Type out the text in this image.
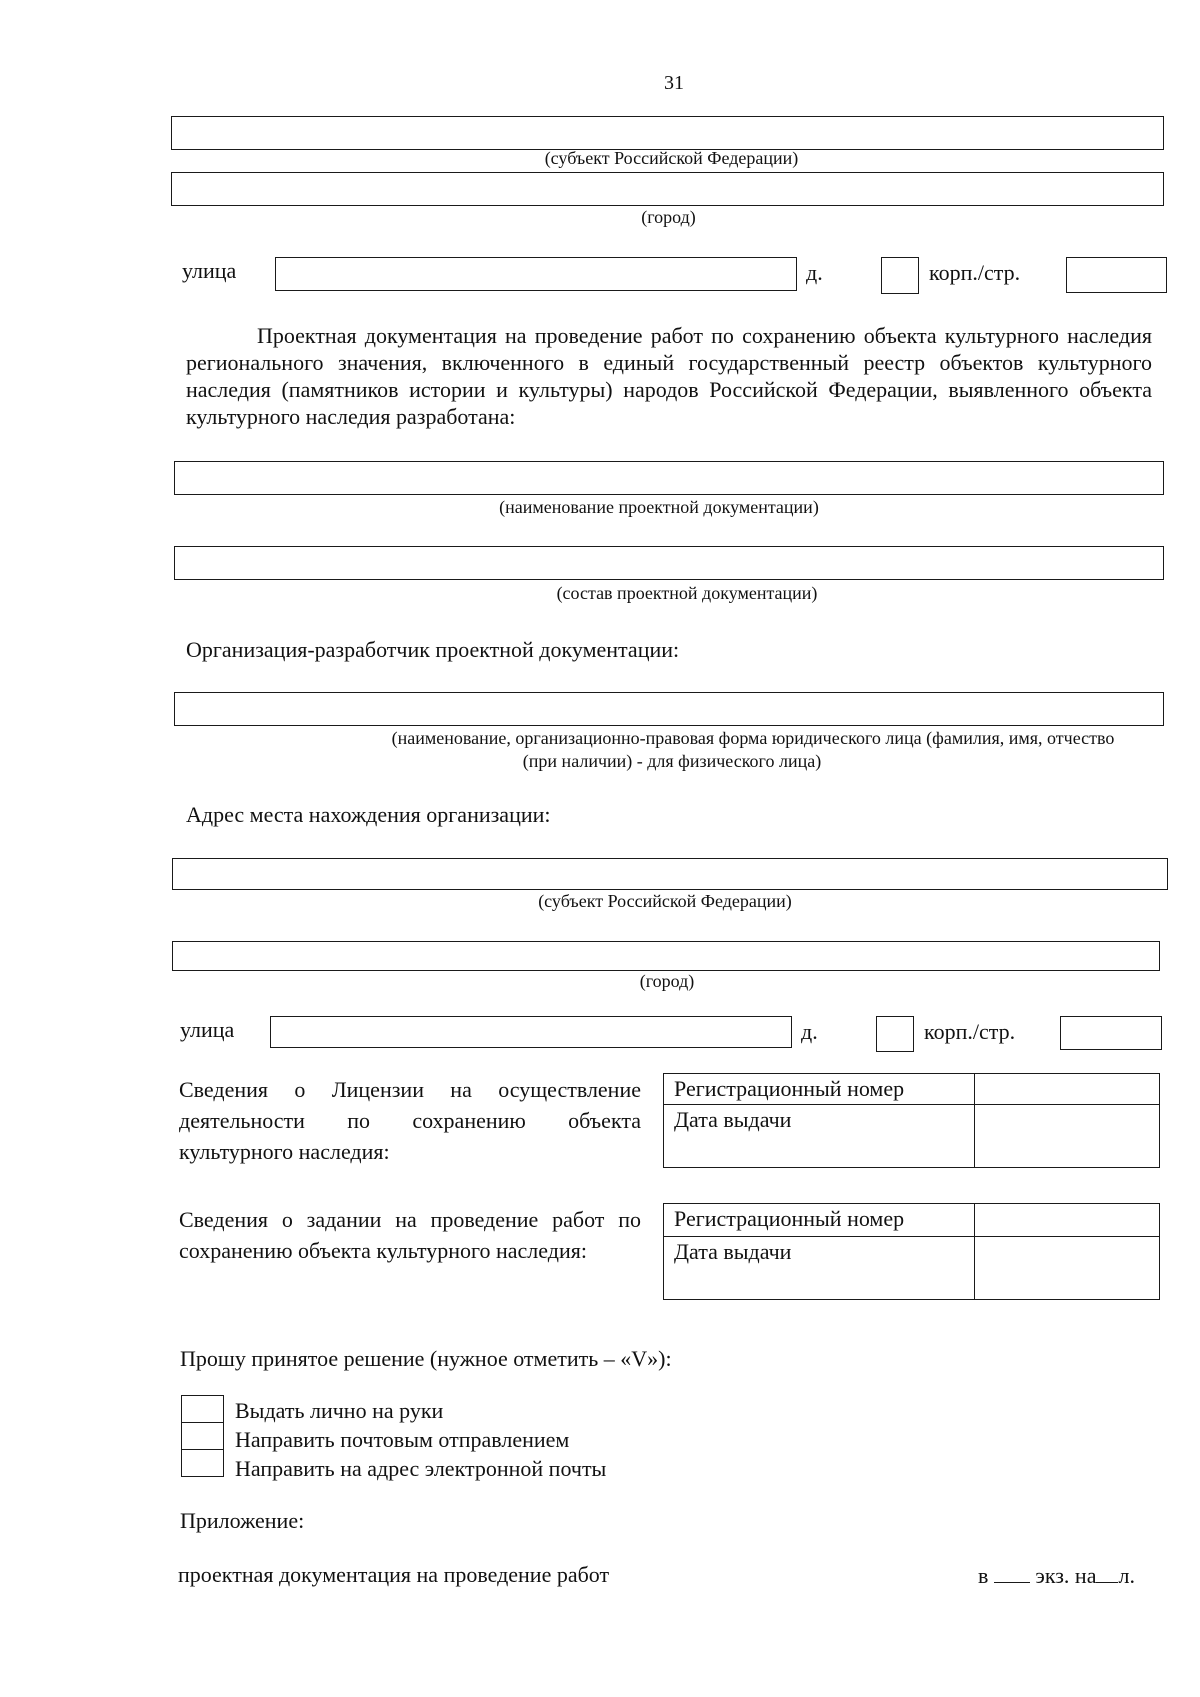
31
(субъект Российской Федерации)
(город)
улица	д.	корп./стр.
Проектная документация на проведение работ по сохранению объекта культурного наследия регионального значения, включенного в единый государственный реестр объектов культурного наследия (памятников истории и культуры) народов Российской Федерации, выявленного объекта культурного наследия разработана:
(наименование проектной документации)
(состав проектной документации)
Организация-разработчик проектной документации:
(наименование, организационно-правовая форма юридического лица (фамилия, имя, отчество
(при наличии) - для физического лица)
Адрес места нахождения организации:
(субъект Российской Федерации)
(город)
улица	д.	корп./стр.
Сведения о Лицензии на осуществление деятельности по сохранению объекта культурного наследия:
Регистрационный номер	
Дата выдачи	
Сведения о задании на проведение работ по сохранению объекта культурного наследия:
Регистрационный номер	
Дата выдачи	
Прошу принятое решение (нужное отметить – «V»):
Выдать лично на руки
Направить почтовым отправлением
Направить на адрес электронной почты
Приложение:
проектная документация на проведение работ	в экз. на л.
